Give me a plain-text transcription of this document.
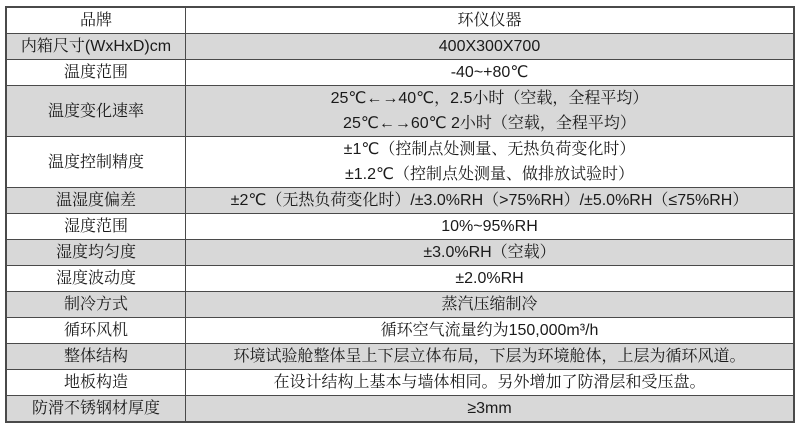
品牌	环仪仪器

内箱尺寸(WxHxD)cm	400X300X700

温度范围	-40~+80℃

温度变化速率	25℃←→40℃，2.5小时（空载，全程平均）
25℃←→60℃ 2小时（空载，全程平均）

温度控制精度	±1℃（控制点处测量、无热负荷变化时）
±1.2℃（控制点处测量、做排放试验时）

温湿度偏差	±2℃（无热负荷变化时）/±3.0%RH（>75%RH）/±5.0%RH（≤75%RH）

湿度范围	10%~95%RH

湿度均匀度	±3.0%RH（空载）

湿度波动度	±2.0%RH

制冷方式	蒸汽压缩制冷

循环风机	循环空气流量约为150,000m³/h

整体结构	环境试验舱整体呈上下层立体布局，下层为环境舱体，上层为循环风道。

地板构造	在设计结构上基本与墙体相同。另外增加了防滑层和受压盘。

防滑不锈钢材厚度	≥3mm
